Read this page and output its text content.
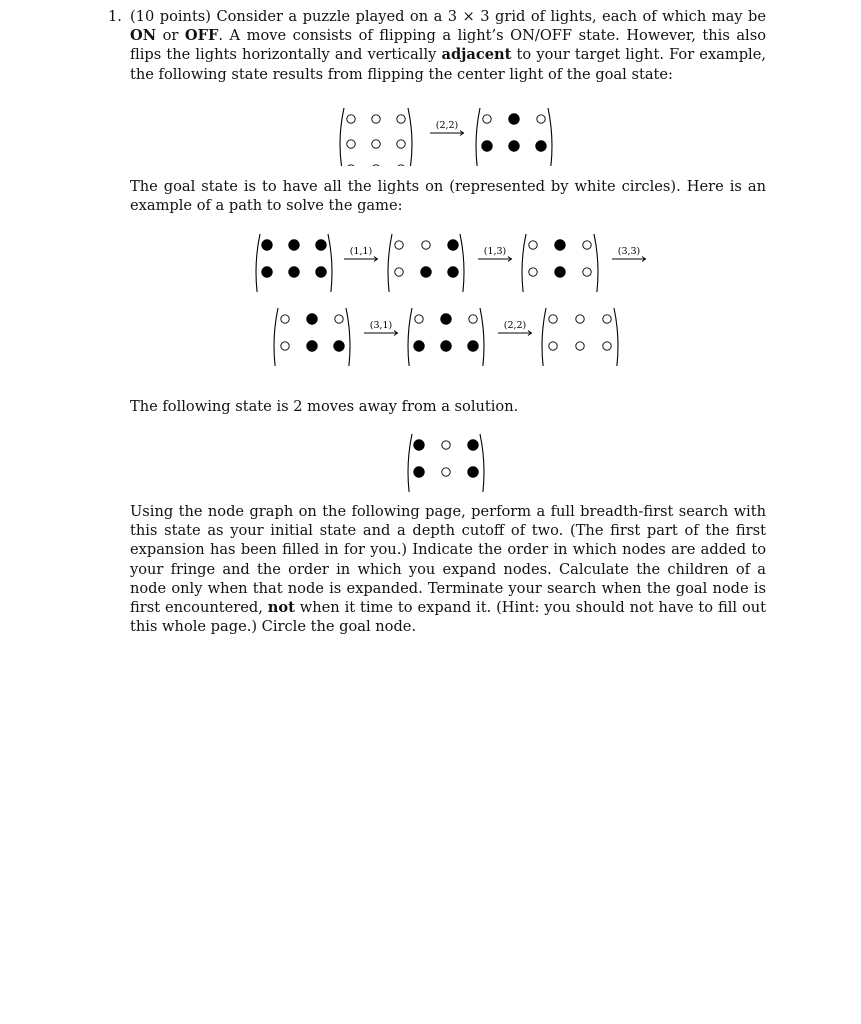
1. (10 points) Consider a puzzle played on a 3 × 3 grid of lights, each of which may be ON or OFF. A move consists of flipping a light’s ON/OFF state. However, this also flips the lights horizontally and vertically adjacent to your target light. For example, the following state results from flipping the center light of the goal state:
(2,2)
The goal state is to have all the lights on (represented by white circles). Here is an example of a path to solve the game:
(1,1)	(1,3)	(3,3)
(3,1)	(2,2)
The following state is 2 moves away from a solution.
Using the node graph on the following page, perform a full breadth-first search with this state as your initial state and a depth cutoff of two. (The first part of the first expansion has been filled in for you.) Indicate the order in which nodes are added to your fringe and the order in which you expand nodes. Calculate the children of a node only when that node is expanded. Terminate your search when the goal node is first encountered, not when it time to expand it. (Hint: you should not have to fill out this whole page.) Circle the goal node.
